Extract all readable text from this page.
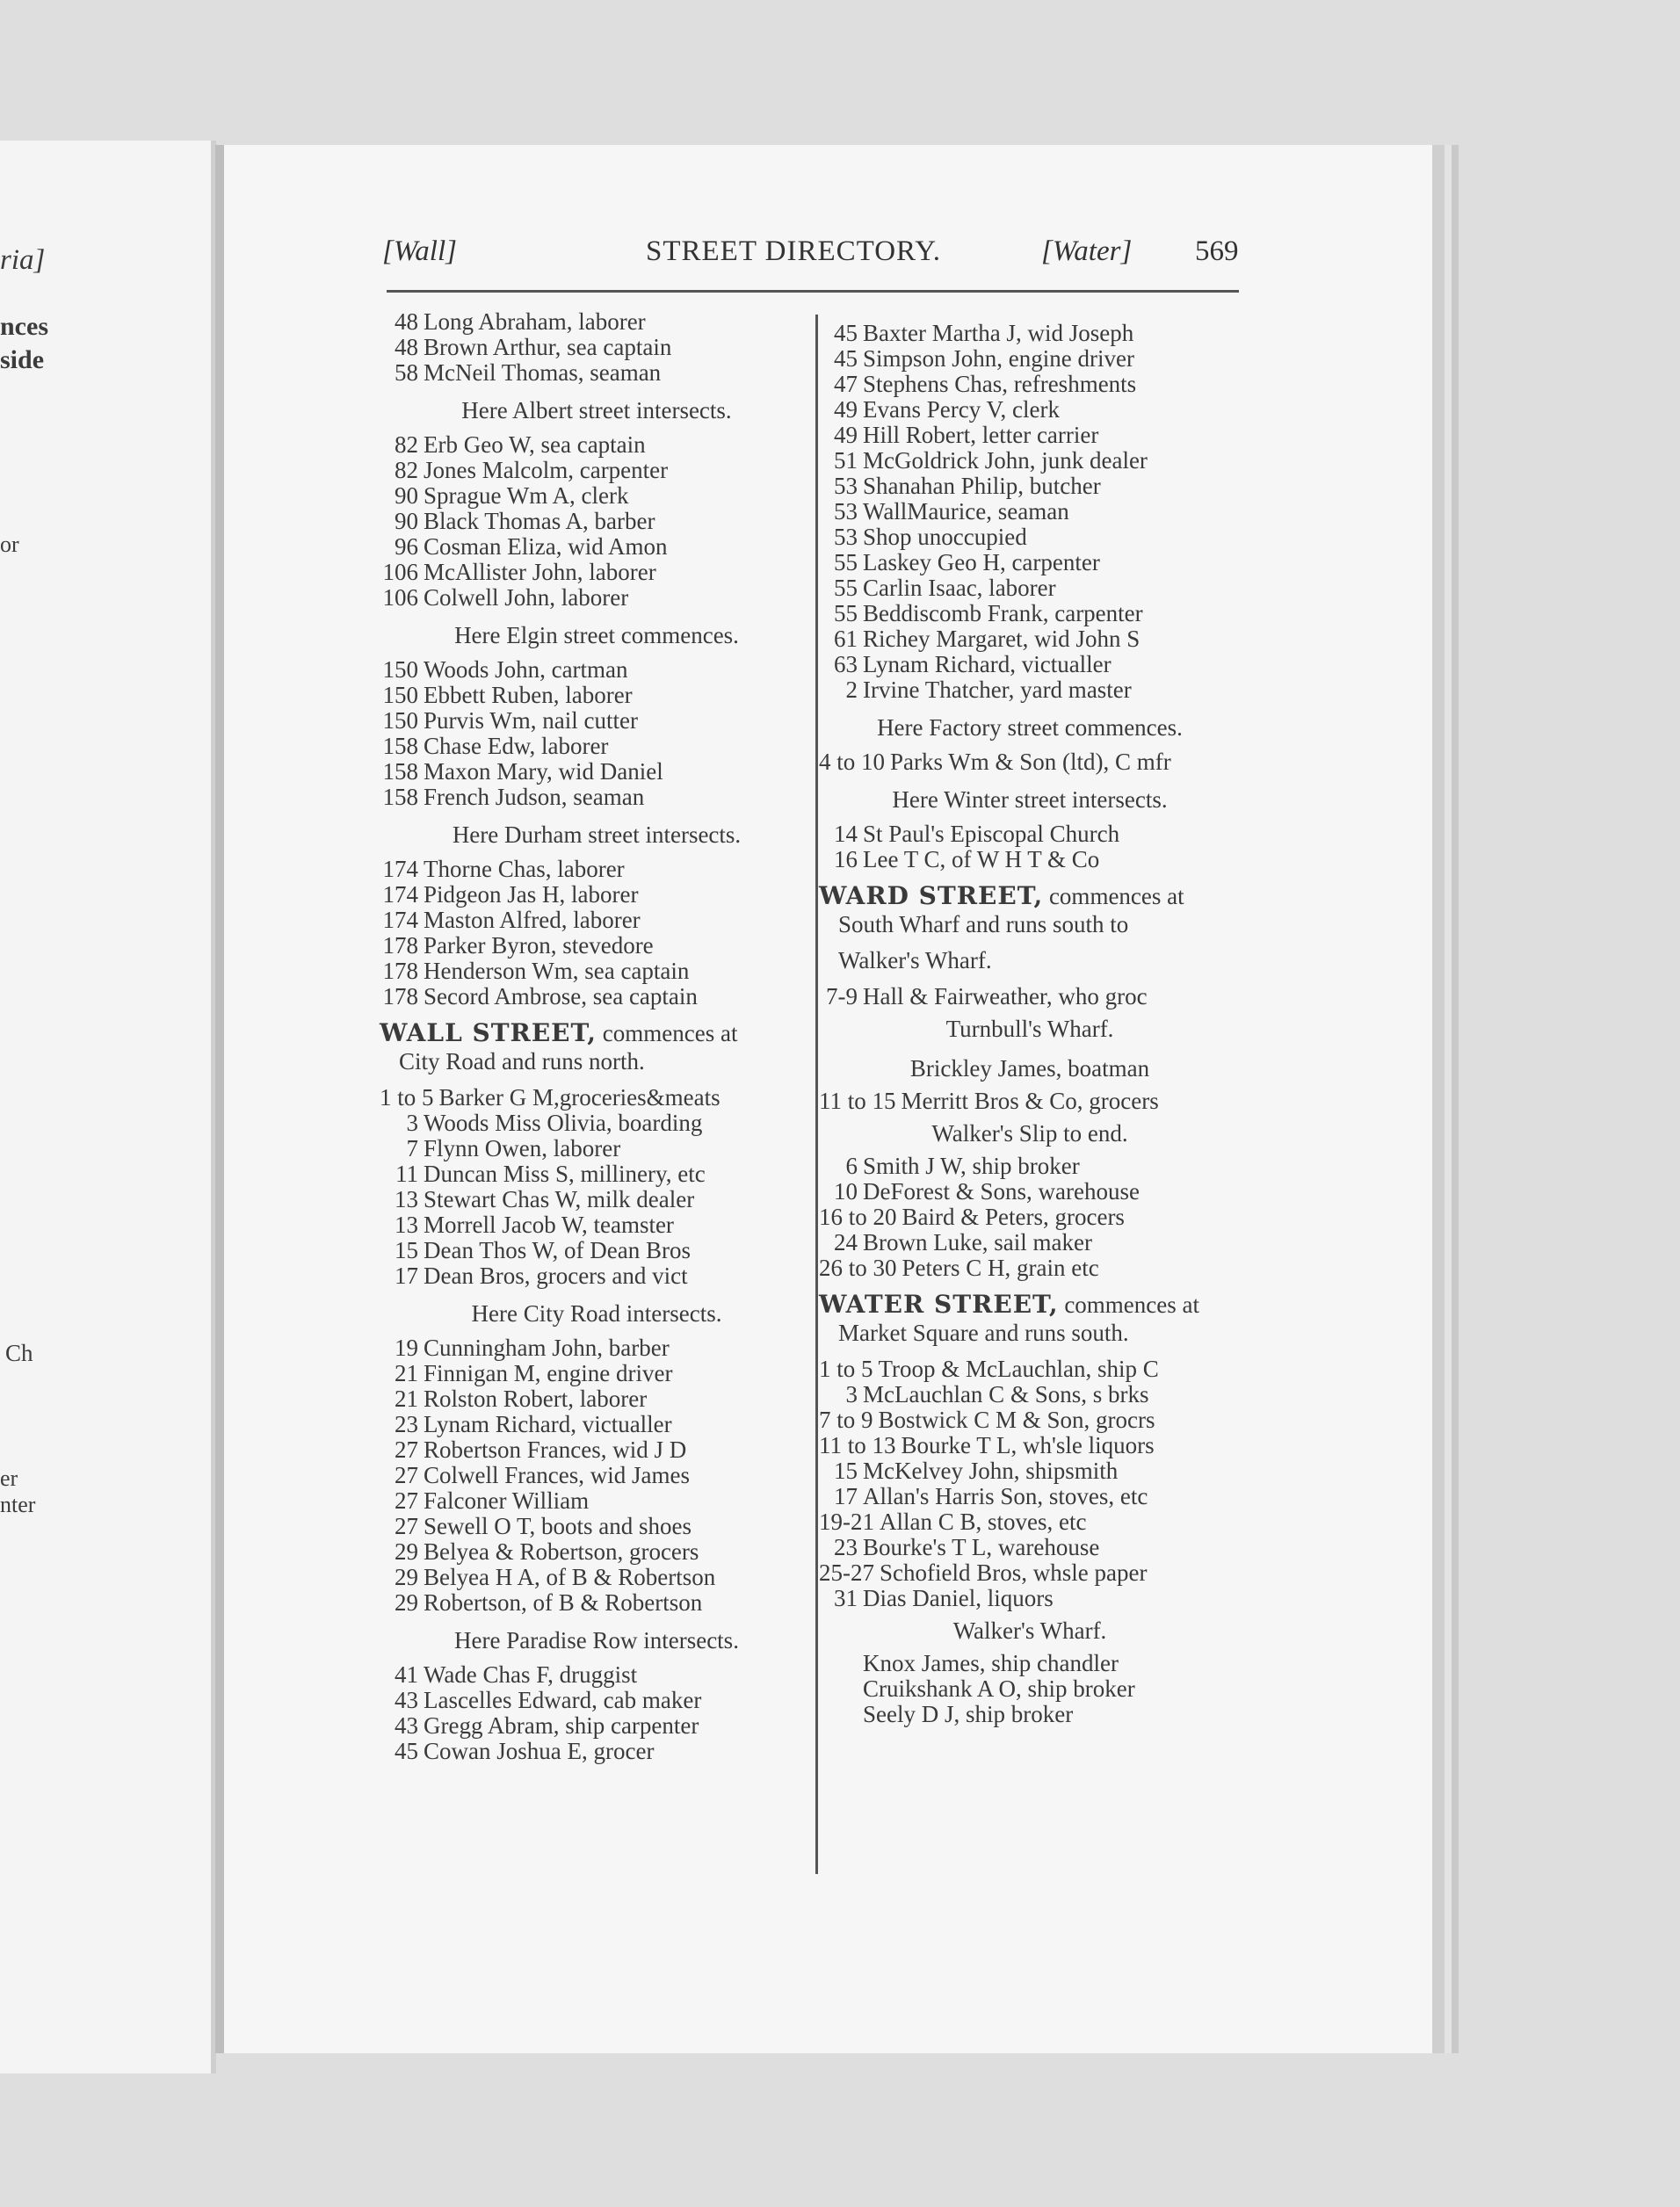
ria]
nces
side
or
Ch
er
nter
[Wall]	STREET DIRECTORY.	[Water] 569
48 Long Abraham, laborer
48 Brown Arthur, sea captain
58 McNeil Thomas, seaman
Here Albert street intersects.
82 Erb Geo W, sea captain
82 Jones Malcolm, carpenter
90 Sprague Wm A, clerk
90 Black Thomas A, barber
96 Cosman Eliza, wid Amon
106 McAllister John, laborer
106 Colwell John, laborer
Here Elgin street commences.
150 Woods John, cartman
150 Ebbett Ruben, laborer
150 Purvis Wm, nail cutter
158 Chase Edw, laborer
158 Maxon Mary, wid Daniel
158 French Judson, seaman
Here Durham street intersects.
174 Thorne Chas, laborer
174 Pidgeon Jas H, laborer
174 Maston Alfred, laborer
178 Parker Byron, stevedore
178 Henderson Wm, sea captain
178 Secord Ambrose, sea captain
WALL STREET, commences at
City Road and runs north.
1 to 5 Barker G M,groceries&meats
3 Woods Miss Olivia, boarding
7 Flynn Owen, laborer
11 Duncan Miss S, millinery, etc
13 Stewart Chas W, milk dealer
13 Morrell Jacob W, teamster
15 Dean Thos W, of Dean Bros
17 Dean Bros, grocers and vict
Here City Road intersects.
19 Cunningham John, barber
21 Finnigan M, engine driver
21 Rolston Robert, laborer
23 Lynam Richard, victualler
27 Robertson Frances, wid J D
27 Colwell Frances, wid James
27 Falconer William
27 Sewell O T, boots and shoes
29 Belyea & Robertson, grocers
29 Belyea H A, of B & Robertson
29 Robertson, of B & Robertson
Here Paradise Row intersects.
41 Wade Chas F, druggist
43 Lascelles Edward, cab maker
43 Gregg Abram, ship carpenter
45 Cowan Joshua E, grocer
45 Baxter Martha J, wid Joseph
45 Simpson John, engine driver
47 Stephens Chas, refreshments
49 Evans Percy V, clerk
49 Hill Robert, letter carrier
51 McGoldrick John, junk dealer
53 Shanahan Philip, butcher
53 WallMaurice, seaman
53 Shop unoccupied
55 Laskey Geo H, carpenter
55 Carlin Isaac, laborer
55 Beddiscomb Frank, carpenter
61 Richey Margaret, wid John S
63 Lynam Richard, victualler
2 Irvine Thatcher, yard master
Here Factory street commences.
4 to 10 Parks Wm & Son (ltd), C mfr
Here Winter street intersects.
14 St Paul's Episcopal Church
16 Lee T C, of W H T & Co
WARD STREET, commences at
South Wharf and runs south to
Walker's Wharf.
7-9 Hall & Fairweather, who groc
Turnbull's Wharf.
Brickley James, boatman
11 to 15 Merritt Bros & Co, grocers
Walker's Slip to end.
6 Smith J W, ship broker
10 DeForest & Sons, warehouse
16 to 20 Baird & Peters, grocers
24 Brown Luke, sail maker
26 to 30 Peters C H, grain etc
WATER STREET, commences at
Market Square and runs south.
1 to 5 Troop & McLauchlan, ship C
3 McLauchlan C & Sons, s brks
7 to 9 Bostwick C M & Son, grocrs
11 to 13 Bourke T L, wh'sle liquors
15 McKelvey John, shipsmith
17 Allan's Harris Son, stoves, etc
19-21 Allan C B, stoves, etc
23 Bourke's T L, warehouse
25-27 Schofield Bros, whsle paper
31 Dias Daniel, liquors
Walker's Wharf.
Knox James, ship chandler
Cruikshank A O, ship broker
Seely D J, ship broker
